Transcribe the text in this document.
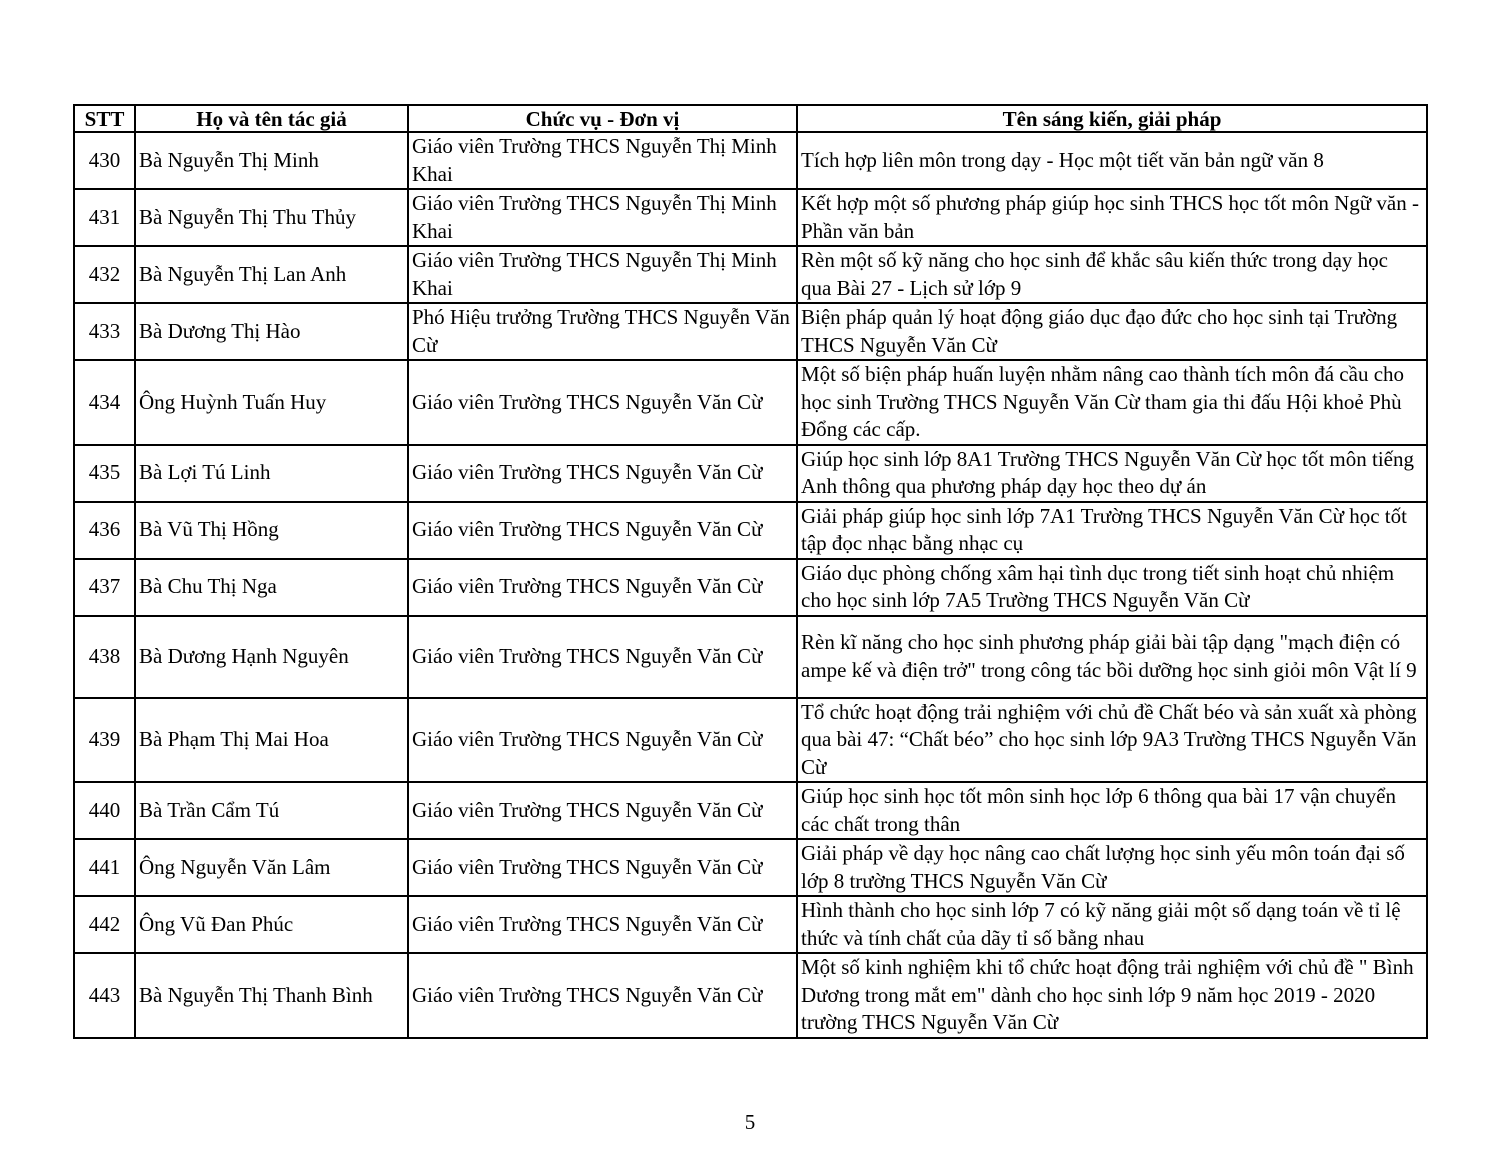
STT	Họ và tên tác giả	Chức vụ - Đơn vị	Tên sáng kiến, giải pháp
430	Bà Nguyễn Thị Minh	Giáo viên Trường THCS Nguyễn Thị Minh Khai	Tích hợp liên môn trong dạy - Học một tiết văn bản ngữ văn 8
431	Bà Nguyễn Thị Thu Thủy	Giáo viên Trường THCS Nguyễn Thị Minh Khai	Kết hợp một số phương pháp giúp học sinh THCS học tốt môn Ngữ văn - Phần văn bản
432	Bà Nguyễn Thị Lan Anh	Giáo viên Trường THCS Nguyễn Thị Minh Khai	Rèn một số kỹ năng cho học sinh để khắc sâu kiến thức trong dạy học qua Bài 27 - Lịch sử lớp 9
433	Bà Dương Thị Hào	Phó Hiệu trưởng Trường THCS Nguyễn Văn Cừ	Biện pháp quản lý hoạt động giáo dục đạo đức cho học sinh tại Trường THCS Nguyễn Văn Cừ
434	Ông Huỳnh Tuấn Huy	Giáo viên Trường THCS Nguyễn Văn Cừ	Một số biện pháp huấn luyện nhằm nâng cao thành tích môn đá cầu cho học sinh Trường THCS Nguyễn Văn Cừ tham gia thi đấu Hội khoẻ Phù Đổng các cấp.
435	Bà Lợi Tú Linh	Giáo viên Trường THCS Nguyễn Văn Cừ	Giúp học sinh lớp 8A1 Trường THCS Nguyễn Văn Cừ học tốt môn tiếng Anh thông qua phương pháp dạy học theo dự án
436	Bà Vũ Thị Hồng	Giáo viên Trường THCS Nguyễn Văn Cừ	Giải pháp giúp học sinh lớp 7A1 Trường THCS Nguyễn Văn Cừ học tốt tập đọc nhạc bằng nhạc cụ
437	Bà Chu Thị Nga	Giáo viên Trường THCS Nguyễn Văn Cừ	Giáo dục phòng chống xâm hại tình dục trong tiết sinh hoạt chủ nhiệm cho học sinh lớp 7A5 Trường THCS Nguyễn Văn Cừ
438	Bà Dương Hạnh Nguyên	Giáo viên Trường THCS Nguyễn Văn Cừ	Rèn kĩ năng cho học sinh phương pháp giải bài tập dạng "mạch điện có ampe kế và điện trở" trong công tác bồi dưỡng học sinh giỏi môn Vật lí 9
439	Bà Phạm Thị Mai Hoa	Giáo viên Trường THCS Nguyễn Văn Cừ	Tổ chức hoạt động trải nghiệm với chủ đề Chất béo và sản xuất xà phòng qua bài 47: “Chất béo” cho học sinh lớp 9A3 Trường THCS Nguyễn Văn Cừ
440	Bà Trần Cẩm Tú	Giáo viên Trường THCS Nguyễn Văn Cừ	Giúp học sinh học tốt môn sinh học lớp 6 thông qua bài 17 vận chuyển các chất trong thân
441	Ông Nguyễn Văn Lâm	Giáo viên Trường THCS Nguyễn Văn Cừ	Giải pháp về dạy học nâng cao chất lượng học sinh yếu môn toán đại số lớp 8 trường THCS Nguyễn Văn Cừ
442	Ông Vũ Đan Phúc	Giáo viên Trường THCS Nguyễn Văn Cừ	Hình thành cho học sinh lớp 7 có kỹ năng giải một số dạng toán về tỉ lệ thức và tính chất của dãy tỉ số bằng nhau
443	Bà Nguyễn Thị Thanh Bình	Giáo viên Trường THCS Nguyễn Văn Cừ	Một số kinh nghiệm khi tổ chức hoạt động trải nghiệm với chủ đề " Bình Dương trong mắt em" dành cho học sinh lớp 9 năm học 2019 - 2020 trường THCS Nguyễn Văn Cừ
5
